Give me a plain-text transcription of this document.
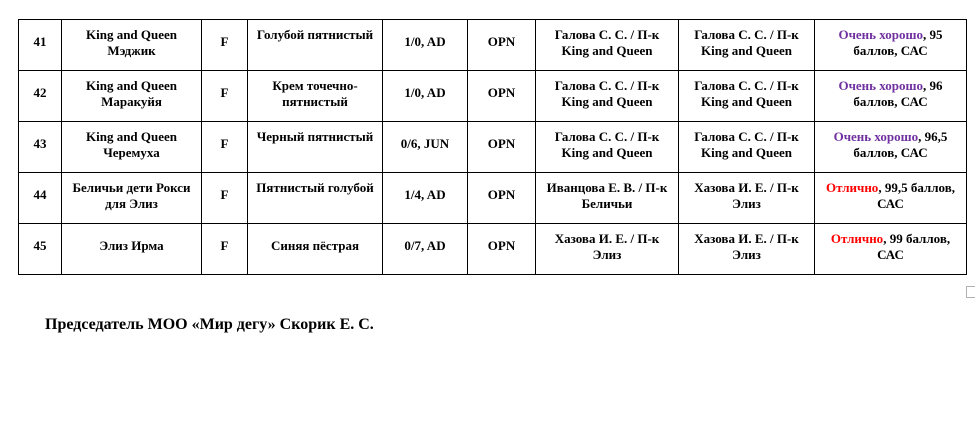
41	King and Queen Мэджик	F	Голубой пятнистый	1/0, AD	OPN	Галова С. С. / П-к King and Queen	Галова С. С. / П-к King and Queen	Очень хорошо, 95 баллов, САС

42	King and Queen Маракуйя	F	Крем точечно-пятнистый	1/0, AD	OPN	Галова С. С. / П-к King and Queen	Галова С. С. / П-к King and Queen	Очень хорошо, 96 баллов, САС

43	King and Queen Черемуха	F	Черный пятнистый	0/6, JUN	OPN	Галова С. С. / П-к King and Queen	Галова С. С. / П-к King and Queen	Очень хорошо, 96,5 баллов, САС

44	Беличьи дети Рокси для Элиз	F	Пятнистый голубой	1/4, AD	OPN	Иванцова Е. В. / П-к Беличьи	Хазова И. Е. / П-к Элиз	Отлично, 99,5 баллов, САС

45	Элиз Ирма	F	Синяя пёстрая	0/7, AD	OPN	Хазова И. Е. / П-к Элиз	Хазова И. Е. / П-к Элиз	Отлично, 99 баллов, САС
Председатель МОО «Мир дегу» Скорик Е. С.
